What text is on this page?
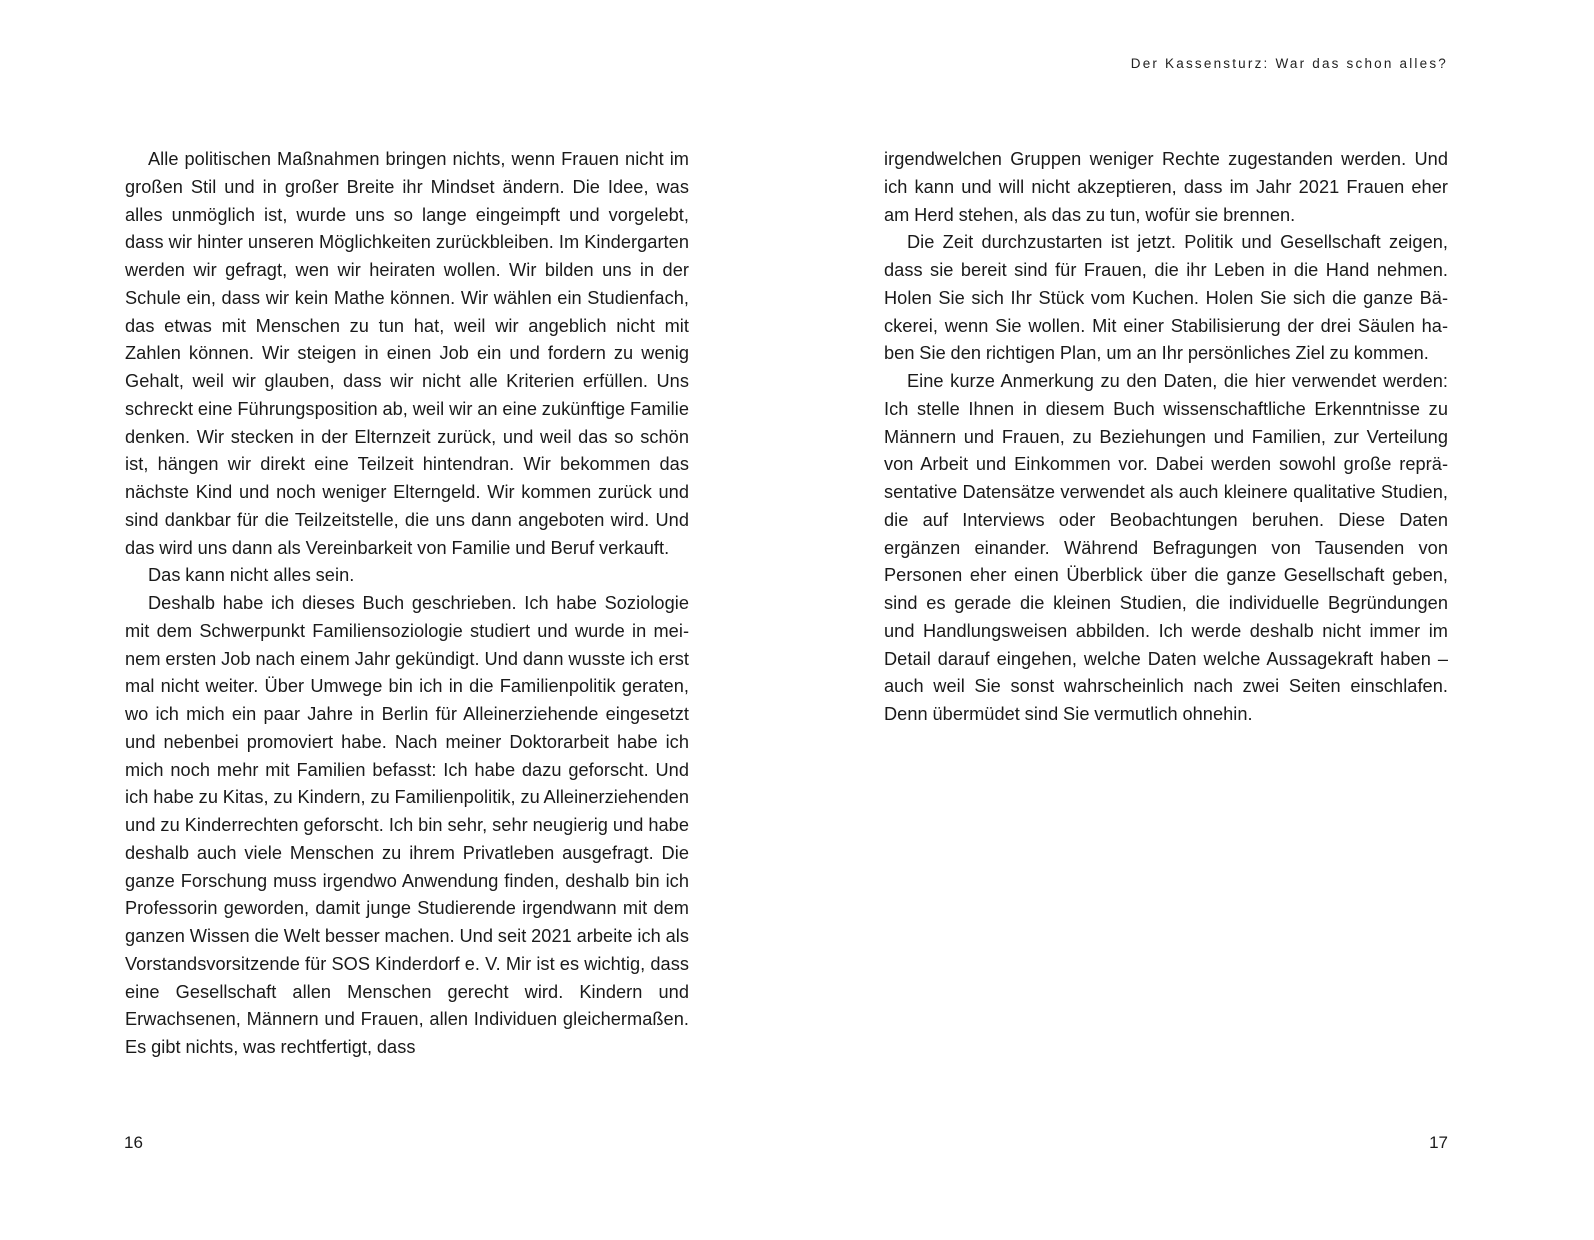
Alle politischen Maßnahmen bringen nichts, wenn Frauen nicht im großen Stil und in großer Breite ihr Mindset ändern. Die Idee, was alles unmöglich ist, wurde uns so lange eingeimpft und vorgelebt, dass wir hinter unseren Möglichkeiten zurückbleiben. Im Kindergarten werden wir gefragt, wen wir heiraten wollen. Wir bilden uns in der Schule ein, dass wir kein Mathe können. Wir wählen ein Studienfach, das etwas mit Menschen zu tun hat, weil wir angeblich nicht mit Zahlen können. Wir steigen in einen Job ein und fordern zu wenig Gehalt, weil wir glauben, dass wir nicht alle Kriterien erfüllen. Uns schreckt eine Führungsposition ab, weil wir an eine zukünftige Familie denken. Wir stecken in der Elternzeit zurück, und weil das so schön ist, hängen wir direkt eine Teilzeit hintendran. Wir bekommen das nächste Kind und noch weniger Elterngeld. Wir kommen zurück und sind dankbar für die Teilzeitstelle, die uns dann angeboten wird. Und das wird uns dann als Vereinbarkeit von Familie und Beruf verkauft.

Das kann nicht alles sein.

Deshalb habe ich dieses Buch geschrieben. Ich habe Soziologie mit dem Schwerpunkt Familiensoziologie studiert und wurde in meinem ersten Job nach einem Jahr gekündigt. Und dann wusste ich erst mal nicht weiter. Über Umwege bin ich in die Familienpolitik geraten, wo ich mich ein paar Jahre in Berlin für Alleinerziehende eingesetzt und nebenbei promoviert habe. Nach meiner Doktorarbeit habe ich mich noch mehr mit Familien befasst: Ich habe dazu geforscht. Und ich habe zu Kitas, zu Kindern, zu Familienpolitik, zu Alleinerziehenden und zu Kinderrechten geforscht. Ich bin sehr, sehr neugierig und habe deshalb auch viele Menschen zu ihrem Privatleben ausgefragt. Die ganze Forschung muss irgendwo Anwendung finden, deshalb bin ich Professorin geworden, damit junge Studierende irgendwann mit dem ganzen Wissen die Welt besser machen. Und seit 2021 arbeite ich als Vorstandsvorsitzende für SOS Kinderdorf e. V. Mir ist es wichtig, dass eine Gesellschaft allen Menschen gerecht wird. Kindern und Erwachsenen, Männern und Frauen, allen Individuen gleichermaßen. Es gibt nichts, was rechtfertigt, dass

16
Der Kassensturz: War das schon alles?

irgendwelchen Gruppen weniger Rechte zugestanden werden. Und ich kann und will nicht akzeptieren, dass im Jahr 2021 Frauen eher am Herd stehen, als das zu tun, wofür sie brennen.

Die Zeit durchzustarten ist jetzt. Politik und Gesellschaft zeigen, dass sie bereit sind für Frauen, die ihr Leben in die Hand nehmen. Holen Sie sich Ihr Stück vom Kuchen. Holen Sie sich die ganze Bäckerei, wenn Sie wollen. Mit einer Stabilisierung der drei Säulen haben Sie den richtigen Plan, um an Ihr persönliches Ziel zu kommen.

Eine kurze Anmerkung zu den Daten, die hier verwendet werden: Ich stelle Ihnen in diesem Buch wissenschaftliche Erkenntnisse zu Männern und Frauen, zu Beziehungen und Familien, zur Verteilung von Arbeit und Einkommen vor. Dabei werden sowohl große repräsentative Datensätze verwendet als auch kleinere qualitative Studien, die auf Interviews oder Beobachtungen beruhen. Diese Daten ergänzen einander. Während Befragungen von Tausenden von Personen eher einen Überblick über die ganze Gesellschaft geben, sind es gerade die kleinen Studien, die individuelle Begründungen und Handlungsweisen abbilden. Ich werde deshalb nicht immer im Detail darauf eingehen, welche Daten welche Aussagekraft haben – auch weil Sie sonst wahrscheinlich nach zwei Seiten einschlafen. Denn übermüdet sind Sie vermutlich ohnehin.

17
